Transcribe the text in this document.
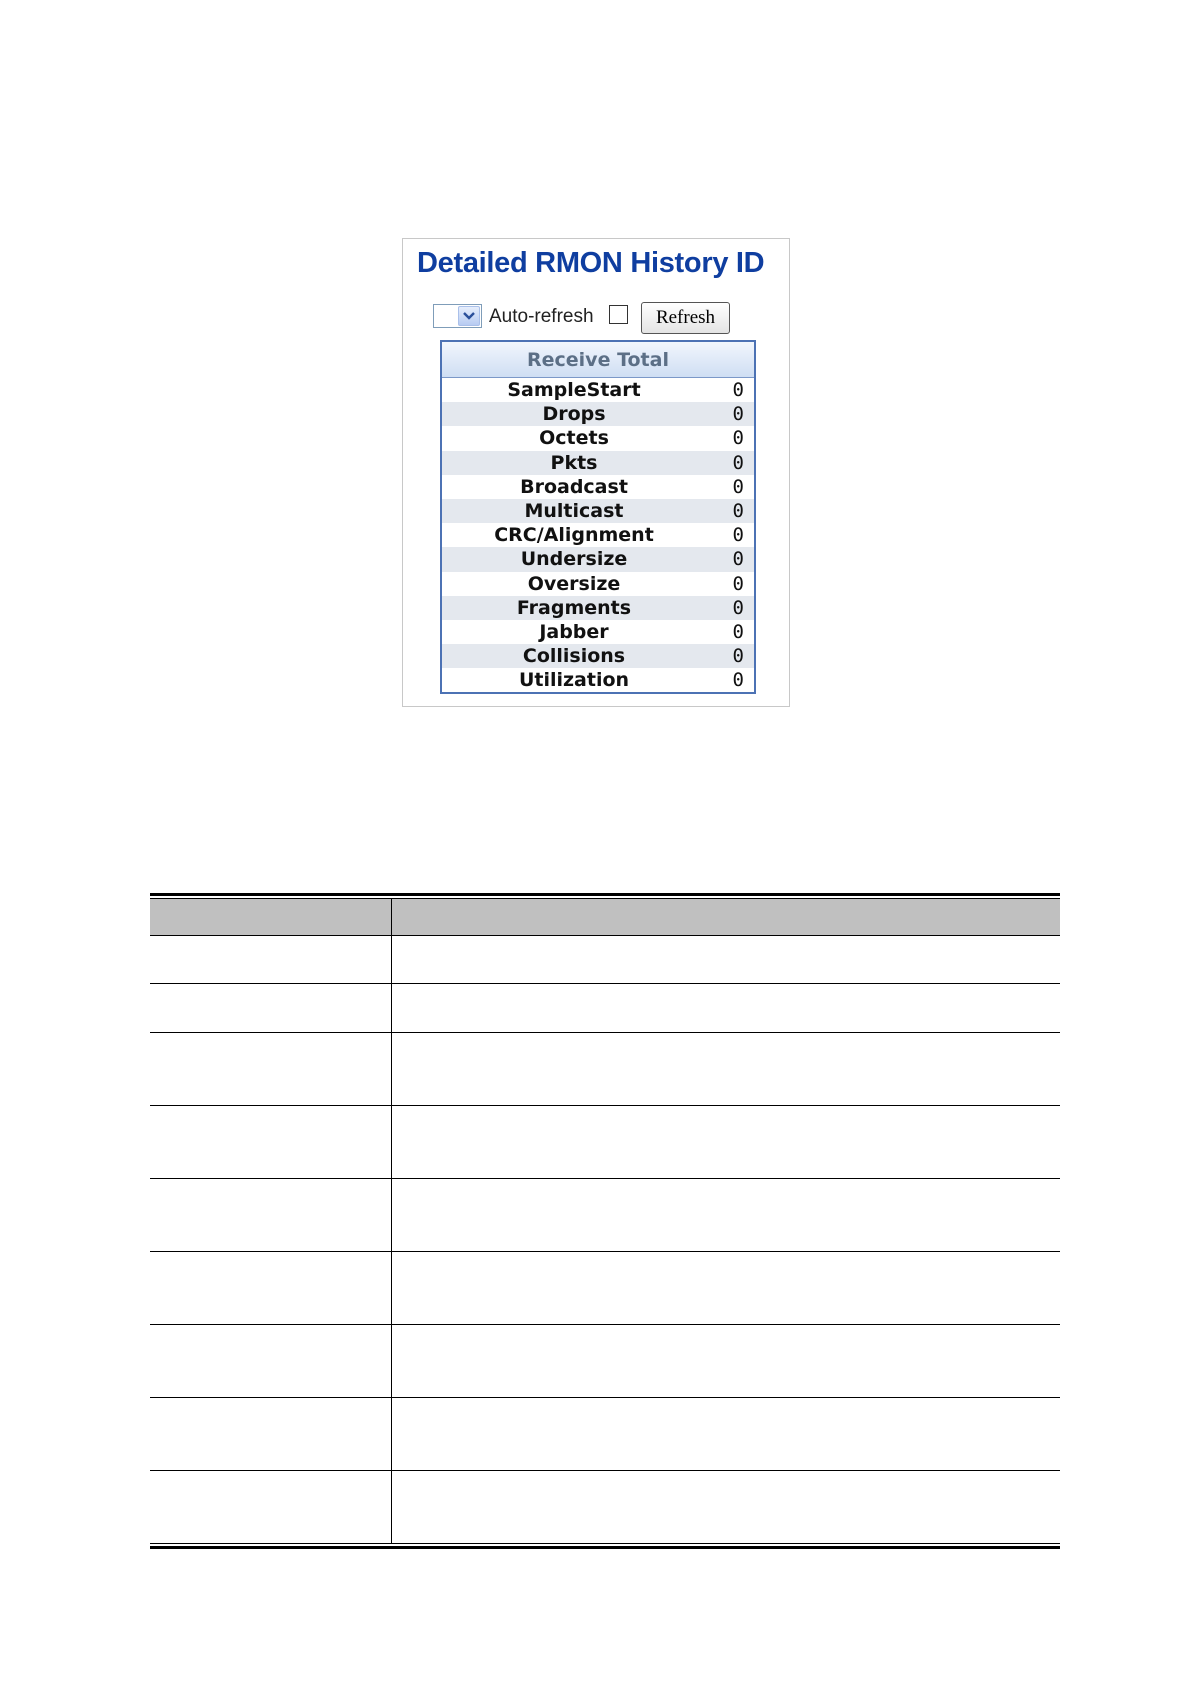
Detailed RMON History ID
Auto-refresh	Refresh
Receive Total
SampleStart	0
Drops	0
Octets	0
Pkts	0
Broadcast	0
Multicast	0
CRC/Alignment	0
Undersize	0
Oversize	0
Fragments	0
Jabber	0
Collisions	0
Utilization	0
